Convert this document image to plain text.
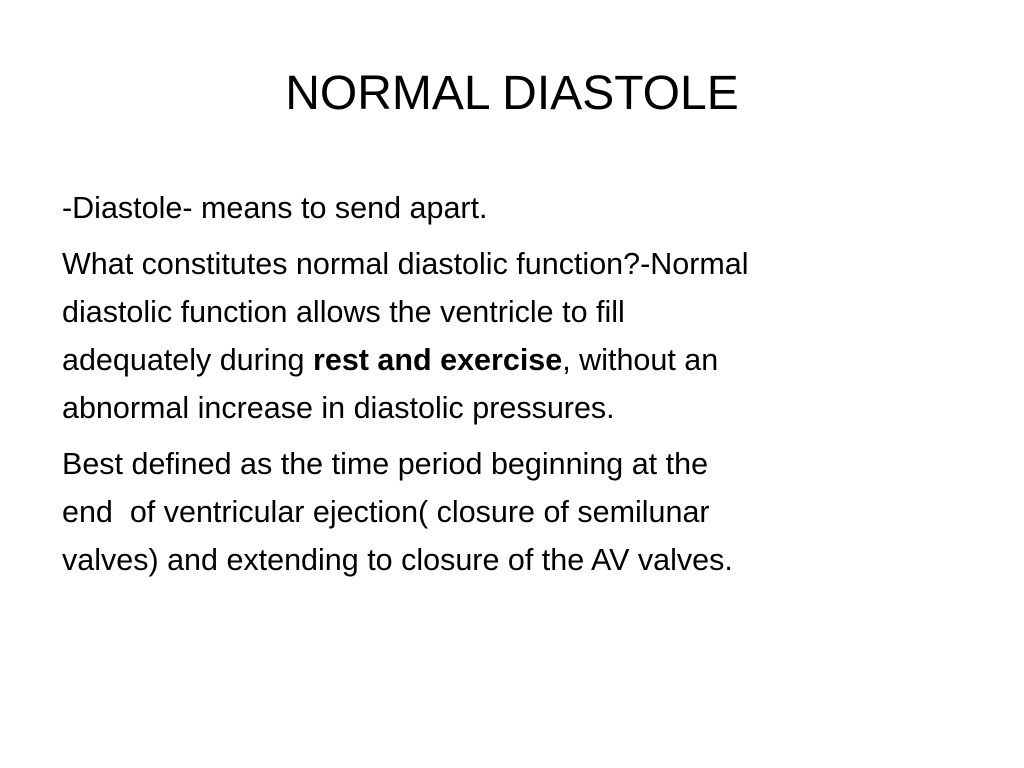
NORMAL DIASTOLE

-Diastole- means to send apart.

What constitutes normal diastolic function?-Normal
diastolic function allows the ventricle to fill
adequately during rest and exercise, without an
abnormal increase in diastolic pressures.

Best defined as the time period beginning at the
end  of ventricular ejection( closure of semilunar
valves) and extending to closure of the AV valves.
